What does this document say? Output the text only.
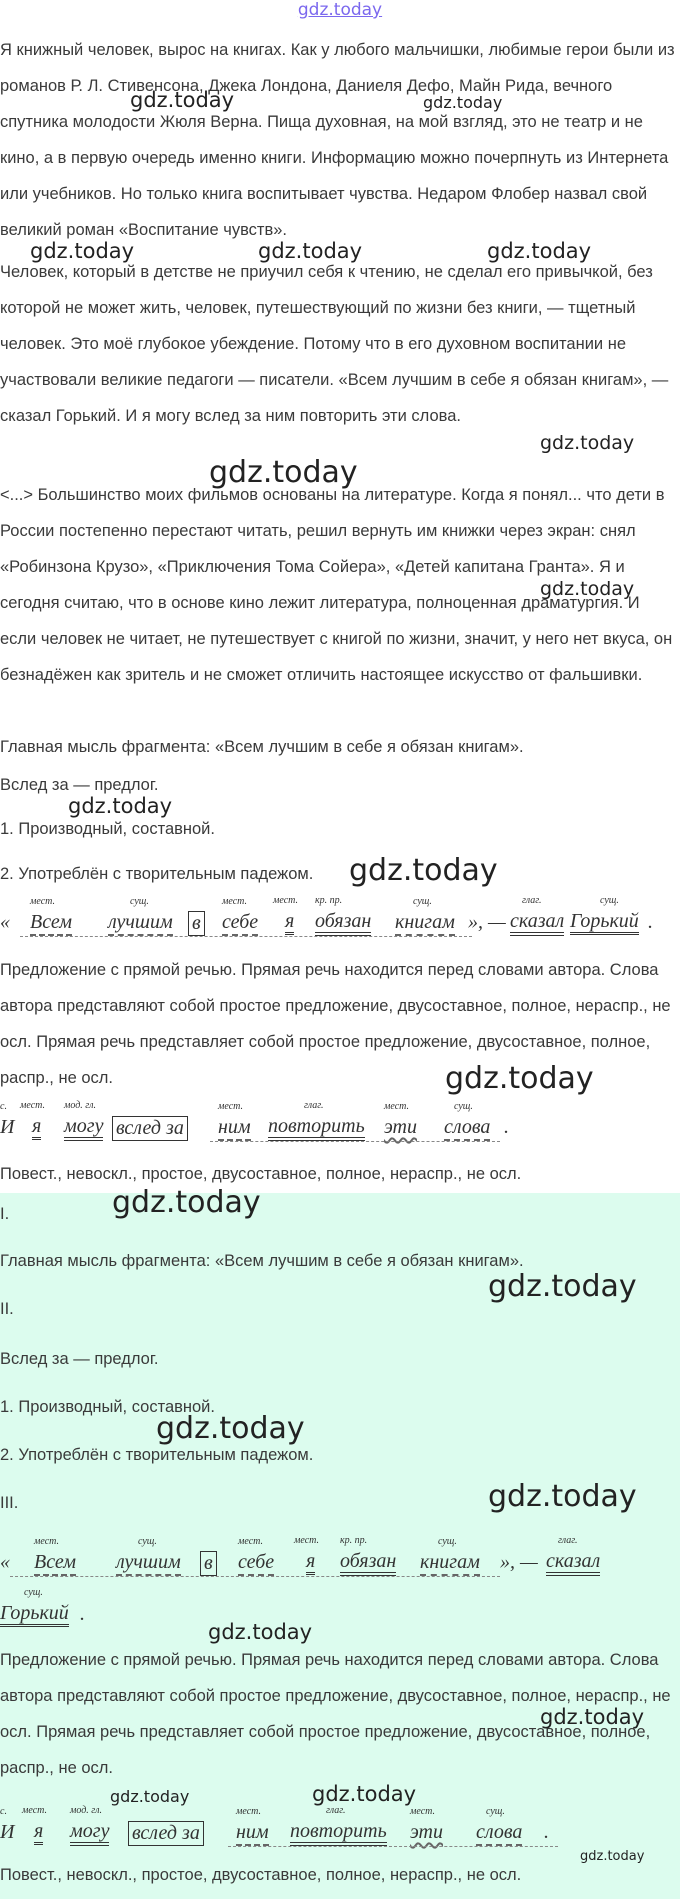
gdz.today
Я книжный человек, вырос на книгах. Как у любого мальчишки, любимые герои были из романов Р. Л. Стивенсона, Джека Лондона, Даниеля Дефо, Майн Рида, вечного спутника молодости Жюля Верна. Пища духовная, на мой взгляд, это не театр и не кино, а в первую очередь именно книги. Информацию можно почерпнуть из Интернета или учебников. Но только книга воспитывает чувства. Недаром Флобер назвал свой великий роман «Воспитание чувств».
Человек, который в детстве не приучил себя к чтению, не сделал его привычкой, без которой не может жить, человек, путешествующий по жизни без книги, — тщетный человек. Это моё глубокое убеждение. Потому что в его духовном воспитании не участвовали великие педагоги — писатели. «Всем лучшим в себе я обязан книгам», — сказал Горький. И я могу вслед за ним повторить эти слова.
<...> Большинство моих фильмов основаны на литературе. Когда я понял... что дети в России постепенно перестают читать, решил вернуть им книжки через экран: снял «Робинзона Крузо», «Приключения Тома Сойера», «Детей капитана Гранта». Я и сегодня считаю, что в основе кино лежит литература, полноценная драматургия. И если человек не читает, не путешествует с книгой по жизни, значит, у него нет вкуса, он безнадёжен как зритель и не сможет отличить настоящее искусство от фальшивки.
Главная мысль фрагмента: «Всем лучшим в себе я обязан книгам».
Вслед за — предлог.
1. Производный, составной.
2. Употреблён с творительным падежом.
«
мест.
Всем
сущ.
лучшим в
мест.
себе
мест.
я
кр. пр.
обязан
сущ.
книгам », —
глаг.
сказал
сущ.
Горький .
Предложение с прямой речью. Прямая речь находится перед словами автора. Слова автора представляют собой простое предложение, двусоставное, полное, нераспр., не осл. Прямая речь представляет собой простое предложение, двусоставное, полное, распр., не осл.
с.
И
мест.
я
мод. гл.
могу вслед за
мест.
ним
глаг.
повторить
мест.
эти
сущ.
слова .
Повест., невоскл., простое, двусоставное, полное, нераспр., не осл.
I.
Главная мысль фрагмента: «Всем лучшим в себе я обязан книгам».
II.
Вслед за — предлог.
1. Производный, составной.
2. Употреблён с творительным падежом.
III.
«
мест.
Всем
сущ.
лучшим в
мест.
себе
мест.
я
кр. пр.
обязан
сущ.
книгам », —
глаг.
сказал
сущ.
Горький .
Предложение с прямой речью. Прямая речь находится перед словами автора. Слова автора представляют собой простое предложение, двусоставное, полное, нераспр., не осл. Прямая речь представляет собой простое предложение, двусоставное, полное, распр., не осл.
с.
И
мест.
я
мод. гл.
могу вслед за
мест.
ним
глаг.
повторить
мест.
эти
сущ.
слова .
Повест., невоскл., простое, двусоставное, полное, нераспр., не осл.
gdz.today	gdz.today
gdz.today	gdz.today	gdz.today
gdz.today
gdz.today
gdz.today
gdz.today
gdz.today
gdz.today
gdz.today
gdz.today
gdz.today
gdz.today
gdz.today
gdz.today
gdz.today	gdz.today
gdz.today
